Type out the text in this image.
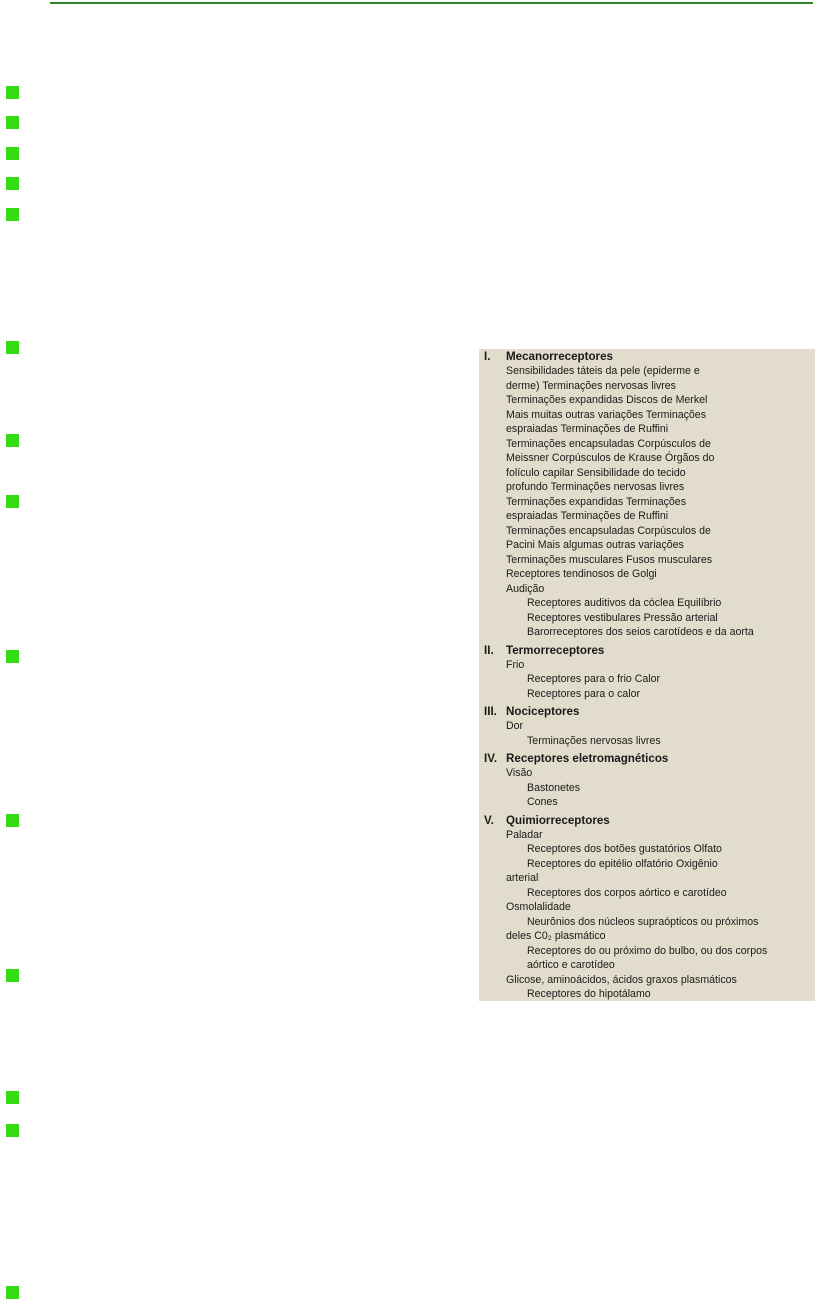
I.	Mecanorreceptores
Sensibilidades táteis da pele (epiderme e
derme) Terminações nervosas livres
Terminações expandidas Discos de Merkel
Mais muitas outras variações Terminações
espraiadas Terminações de Ruffini
Terminações encapsuladas Corpúsculos de
Meissner Corpúsculos de Krause Órgãos do
folículo capilar Sensibilidade do tecido
profundo Terminações nervosas livres
Terminações expandidas Terminações
espraiadas Terminações de Ruffini
Terminações encapsuladas Corpúsculos de
Pacini Mais algumas outras variações
Terminações musculares Fusos musculares
Receptores tendinosos de Golgi
Audição
Receptores auditivos da cóclea Equilíbrio
Receptores vestibulares Pressão arterial
Barorreceptores dos seios carotídeos e da aorta
II.	Termorreceptores
Frio
Receptores para o frio Calor
Receptores para o calor
III. Nociceptores
Dor
Terminações nervosas livres
IV. Receptores eletromagnéticos
Visão
Bastonetes
Cones
V.	Quimiorreceptores
Paladar
Receptores dos botões gustatórios Olfato
Receptores do epitélio olfatório Oxigênio
arterial
Receptores dos corpos aórtico e carotídeo
Osmolalidade
Neurônios dos núcleos supraópticos ou próximos
deles C0₂ plasmático
Receptores do ou próximo do bulbo, ou dos corpos
aórtico e carotídeo
Glicose, aminoácidos, ácidos graxos plasmáticos
Receptores do hipotálamo
